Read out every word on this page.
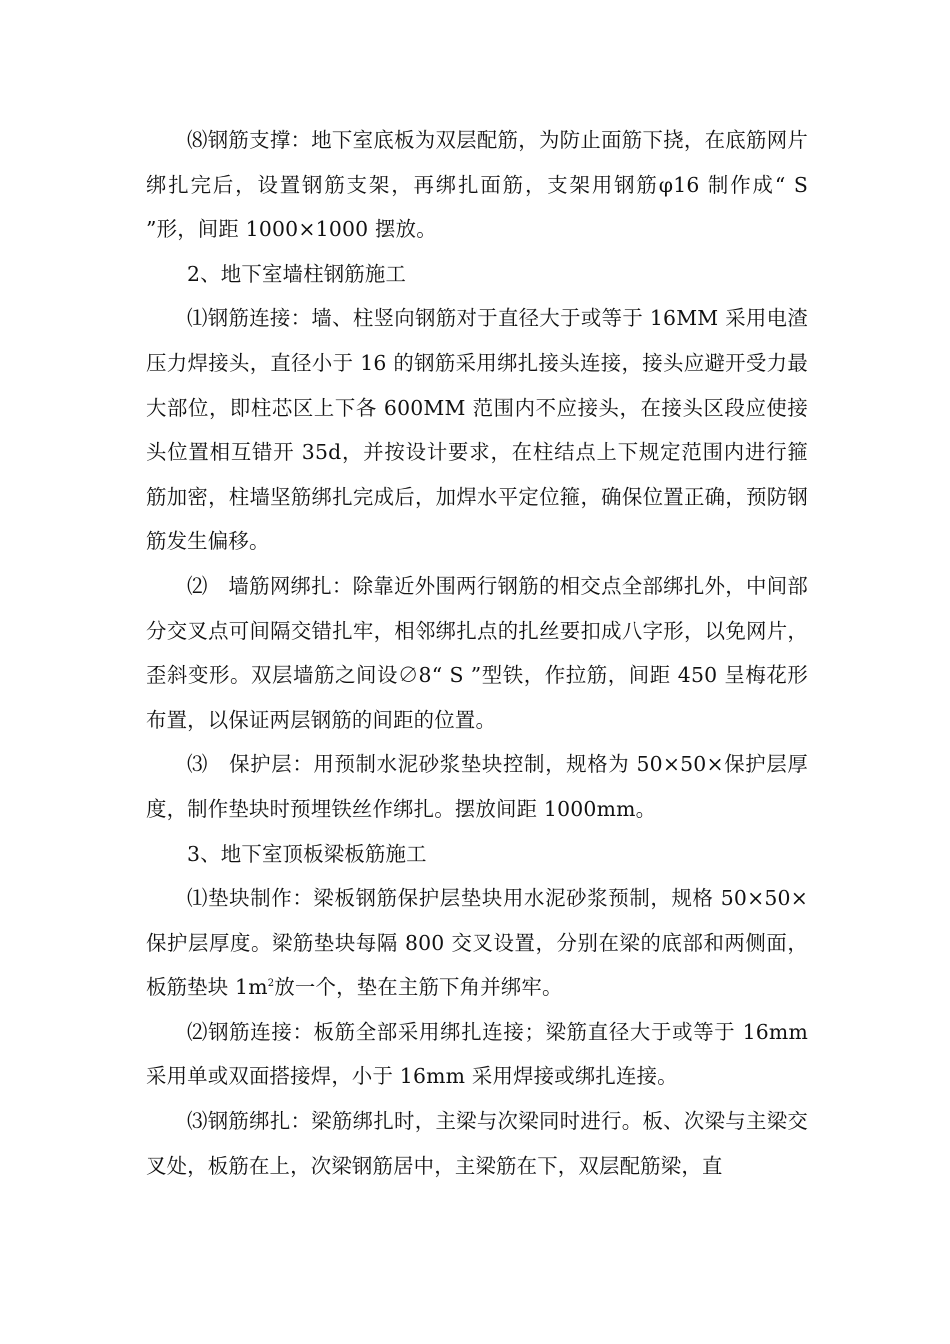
⑻钢筋支撑：地下室底板为双层配筋，为防止面筋下挠，在底筋网片绑扎完后，设置钢筋支架，再绑扎面筋，支架用钢筋φ16 制作成“ S ”形，间距 1000×1000 摆放。

2、地下室墙柱钢筋施工

⑴钢筋连接：墙、柱竖向钢筋对于直径大于或等于 16MM 采用电渣压力焊接头，直径小于 16 的钢筋采用绑扎接头连接，接头应避开受力最大部位，即柱芯区上下各 600MM 范围内不应接头，在接头区段应使接头位置相互错开 35d，并按设计要求，在柱结点上下规定范围内进行箍筋加密，柱墙坚筋绑扎完成后，加焊水平定位箍，确保位置正确，预防钢筋发生偏移。

⑵　墙筋网绑扎：除靠近外围两行钢筋的相交点全部绑扎外，中间部分交叉点可间隔交错扎牢，相邻绑扎点的扎丝要扣成八字形，以免网片，歪斜变形。双层墙筋之间设∅8“ S ”型铁，作拉筋，间距 450 呈梅花形布置，以保证两层钢筋的间距的位置。

⑶　保护层：用预制水泥砂浆垫块控制，规格为 50×50×保护层厚度，制作垫块时预埋铁丝作绑扎。摆放间距 1000mm。

3、地下室顶板梁板筋施工

⑴垫块制作：梁板钢筋保护层垫块用水泥砂浆预制，规格 50×50×保护层厚度。梁筋垫块每隔 800 交叉设置，分别在梁的底部和两侧面，板筋垫块 $1m^2$放一个，垫在主筋下角并绑牢。

⑵钢筋连接：板筋全部采用绑扎连接；梁筋直径大于或等于 16mm 采用单或双面搭接焊，小于 16mm 采用焊接或绑扎连接。

⑶钢筋绑扎：梁筋绑扎时，主梁与次梁同时进行。板、次梁与主梁交叉处，板筋在上，次梁钢筋居中，主梁筋在下，双层配筋梁，直
